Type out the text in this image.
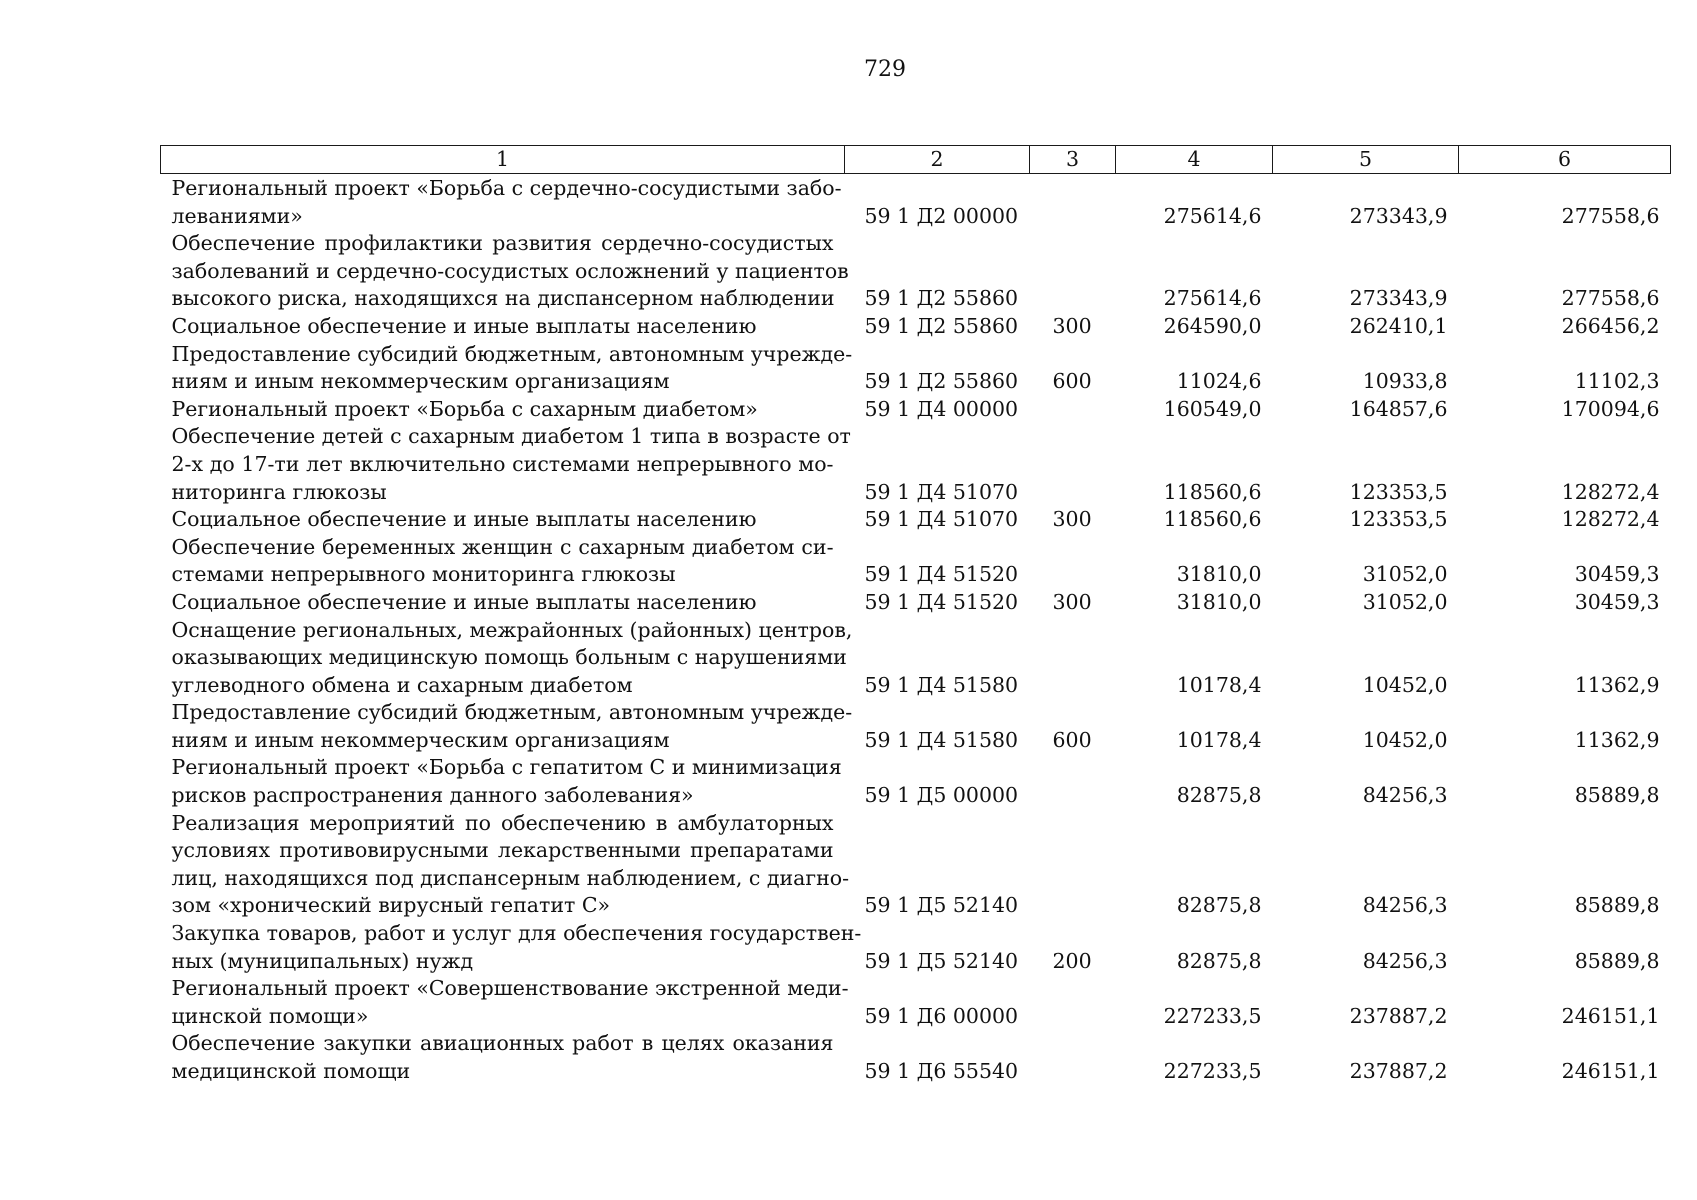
729
1	2	3	4	5	6

Региональный проект «Борьба с сердечно-сосудистыми забо-
леваниями»	59 1 Д2 00000		275614,6	273343,9	277558,6

Обеспечение профилактики развития сердечно-сосудистых
заболеваний и сердечно-сосудистых осложнений у пациентов
высокого риска, находящихся на диспансерном наблюдении	59 1 Д2 55860		275614,6	273343,9	277558,6

Социальное обеспечение и иные выплаты населению	59 1 Д2 55860	300	264590,0	262410,1	266456,2

Предоставление субсидий бюджетным, автономным учрежде-
ниям и иным некоммерческим организациям	59 1 Д2 55860	600	11024,6	10933,8	11102,3

Региональный проект «Борьба с сахарным диабетом»	59 1 Д4 00000		160549,0	164857,6	170094,6

Обеспечение детей с сахарным диабетом 1 типа в возрасте от
2-х до 17-ти лет включительно системами непрерывного мо-
ниторинга глюкозы	59 1 Д4 51070		118560,6	123353,5	128272,4

Социальное обеспечение и иные выплаты населению	59 1 Д4 51070	300	118560,6	123353,5	128272,4

Обеспечение беременных женщин с сахарным диабетом си-
стемами непрерывного мониторинга глюкозы	59 1 Д4 51520		31810,0	31052,0	30459,3

Социальное обеспечение и иные выплаты населению	59 1 Д4 51520	300	31810,0	31052,0	30459,3

Оснащение региональных, межрайонных (районных) центров,
оказывающих медицинскую помощь больным с нарушениями
углеводного обмена и сахарным диабетом	59 1 Д4 51580		10178,4	10452,0	11362,9

Предоставление субсидий бюджетным, автономным учрежде-
ниям и иным некоммерческим организациям	59 1 Д4 51580	600	10178,4	10452,0	11362,9

Региональный проект «Борьба с гепатитом С и минимизация
рисков распространения данного заболевания»	59 1 Д5 00000		82875,8	84256,3	85889,8

Реализация мероприятий по обеспечению в амбулаторных
условиях противовирусными лекарственными препаратами
лиц, находящихся под диспансерным наблюдением, с диагно-
зом «хронический вирусный гепатит С»	59 1 Д5 52140		82875,8	84256,3	85889,8

Закупка товаров, работ и услуг для обеспечения государствен-
ных (муниципальных) нужд	59 1 Д5 52140	200	82875,8	84256,3	85889,8

Региональный проект «Совершенствование экстренной меди-
цинской помощи»	59 1 Д6 00000		227233,5	237887,2	246151,1

Обеспечение закупки авиационных работ в целях оказания
медицинской помощи	59 1 Д6 55540		227233,5	237887,2	246151,1
